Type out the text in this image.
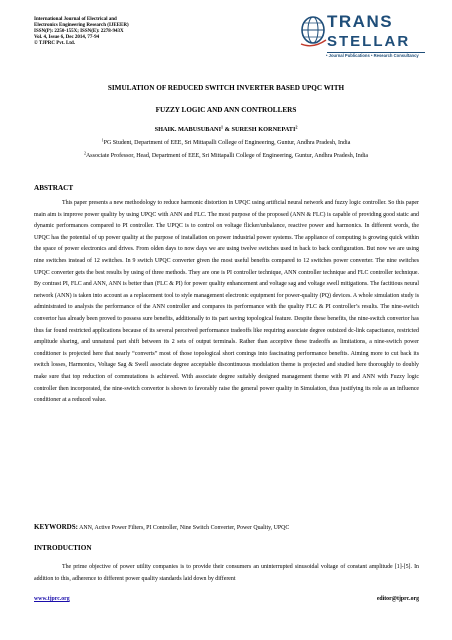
International Journal of Electrical and
Electronics Engineering Research (IJEEER)
ISSN(P): 2250-155X; ISSN(E): 2278-943X
Vol. 4, Issue 6, Dec 2014, 77-94
© TJPRC Pvt. Ltd.
TRANS
STELLAR
• Journal Publications • Research Consultancy
SIMULATION OF REDUCED SWITCH INVERTER BASED UPQC WITH
FUZZY LOGIC AND ANN CONTROLLERS
SHAIK. MABUSUBANI$^1$ & SURESH KORNEPATI$^2$
$^1$PG Student, Department of EEE, Sri Mittapalli College of Engineering, Guntur, Andhra Pradesh, India
$^2$Associate Professor, Head, Department of EEE, Sri Mittapalli College of Engineering, Guntur, Andhra Pradesh, India
ABSTRACT

This paper presents a new methodology to reduce harmonic distortion in UPQC using artificial neural network and fuzzy logic controller. So this paper main aim is improve power quality by using UPQC with ANN and FLC. The most purpose of the proposed (ANN & FLC) is capable of providing good static and dynamic performances compared to PI controller. The UPQC is to control on voltage flicker/unbalance, reactive power and harmonics. In different words, the UPQC has the potential of up power quality at the purpose of installation on power industrial power systems. The appliance of computing is growing quick within the space of power electronics and drives. From olden days to now days we are using twelve switches used in back to back configuration. But now we are using nine switches instead of 12 switches. In 9 switch UPQC converter given the most useful benefits compared to 12 switches power converter. The nine switches UPQC converter gets the best results by using of three methods. They are one is PI controller technique, ANN controller technique and FLC controller technique. By contrast PI, FLC and ANN, ANN is better than (FLC & PI) for power quality enhancement and voltage sag and voltage swell mitigations. The factitious neural network (ANN) is taken into account as a replacement tool to style management electronic equipment for power-quality (PQ) devices. A whole simulation study is administrated to analysis the performance of the ANN controller and compares its performance with the quality FLC & PI controller’s results. The nine-switch convertor has already been proved to possess sure benefits, additionally to its part saving topological feature. Despite these benefits, the nine-switch convertor has thus far found restricted applications because of its several perceived performance tradeoffs like requiring associate degree outsized dc-link capacitance, restricted amplitude sharing, and unnatural part shift between its 2 sets of output terminals. Rather than acceptive these tradeoffs as limitations, a nine-switch power conditioner is projected here that nearly “converts” most of those topological short comings into fascinating performance benefits. Aiming more to cut back its switch losses, Harmonics, Voltage Sag & Swell associate degree acceptable discontinuous modulation theme is projected and studied here thoroughly to doubly make sure that top reduction of commutations is achieved. With associate degree suitably designed management theme with PI and ANN with Fuzzy logic controller then incorporated, the nine-switch convertor is shown to favorably raise the general power quality in Simulation, thus justifying its role as an influence conditioner at a reduced value.

KEYWORDS: ANN, Active Power Filters, PI Controller, Nine Switch Converter, Power Quality, UPQC
INTRODUCTION

The prime objective of power utility companies is to provide their consumers an uninterrupted sinusoidal voltage of constant amplitude [1]-[5]. In addition to this, adherence to different power quality standards laid down by different

www.tjprc.org	editor@tjprc.org
